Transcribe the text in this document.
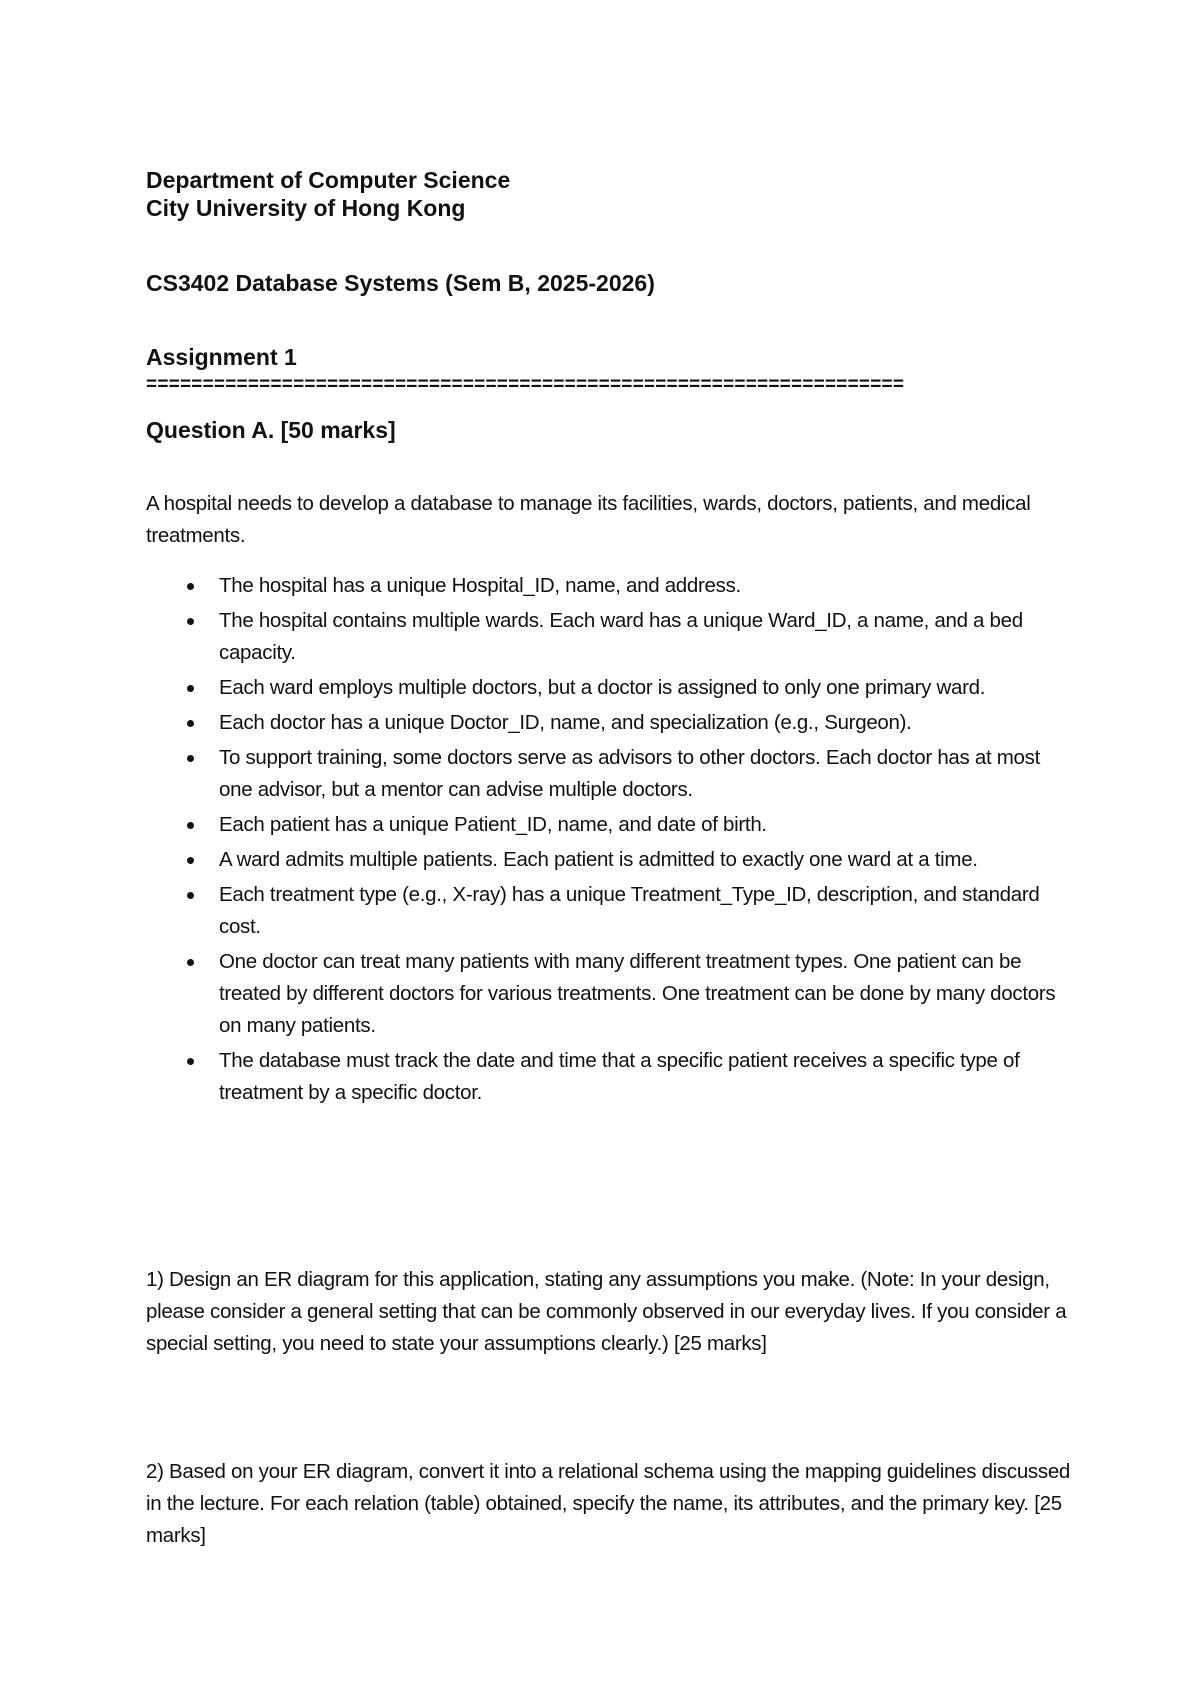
Department of Computer Science
City University of Hong Kong
CS3402 Database Systems (Sem B, 2025-2026)
Assignment 1
===================================================================
Question A. [50 marks]

A hospital needs to develop a database to manage its facilities, wards, doctors, patients, and medical treatments.

The hospital has a unique Hospital_ID, name, and address.
The hospital contains multiple wards. Each ward has a unique Ward_ID, a name, and a bed capacity.
Each ward employs multiple doctors, but a doctor is assigned to only one primary ward.
Each doctor has a unique Doctor_ID, name, and specialization (e.g., Surgeon).
To support training, some doctors serve as advisors to other doctors. Each doctor has at most one advisor, but a mentor can advise multiple doctors.
Each patient has a unique Patient_ID, name, and date of birth.
A ward admits multiple patients. Each patient is admitted to exactly one ward at a time.
Each treatment type (e.g., X-ray) has a unique Treatment_Type_ID, description, and standard cost.
One doctor can treat many patients with many different treatment types. One patient can be treated by different doctors for various treatments. One treatment can be done by many doctors on many patients.
The database must track the date and time that a specific patient receives a specific type of treatment by a specific doctor.

1) Design an ER diagram for this application, stating any assumptions you make. (Note: In your design, please consider a general setting that can be commonly observed in our everyday lives. If you consider a special setting, you need to state your assumptions clearly.) [25 marks]

2) Based on your ER diagram, convert it into a relational schema using the mapping guidelines discussed in the lecture. For each relation (table) obtained, specify the name, its attributes, and the primary key. [25 marks]
